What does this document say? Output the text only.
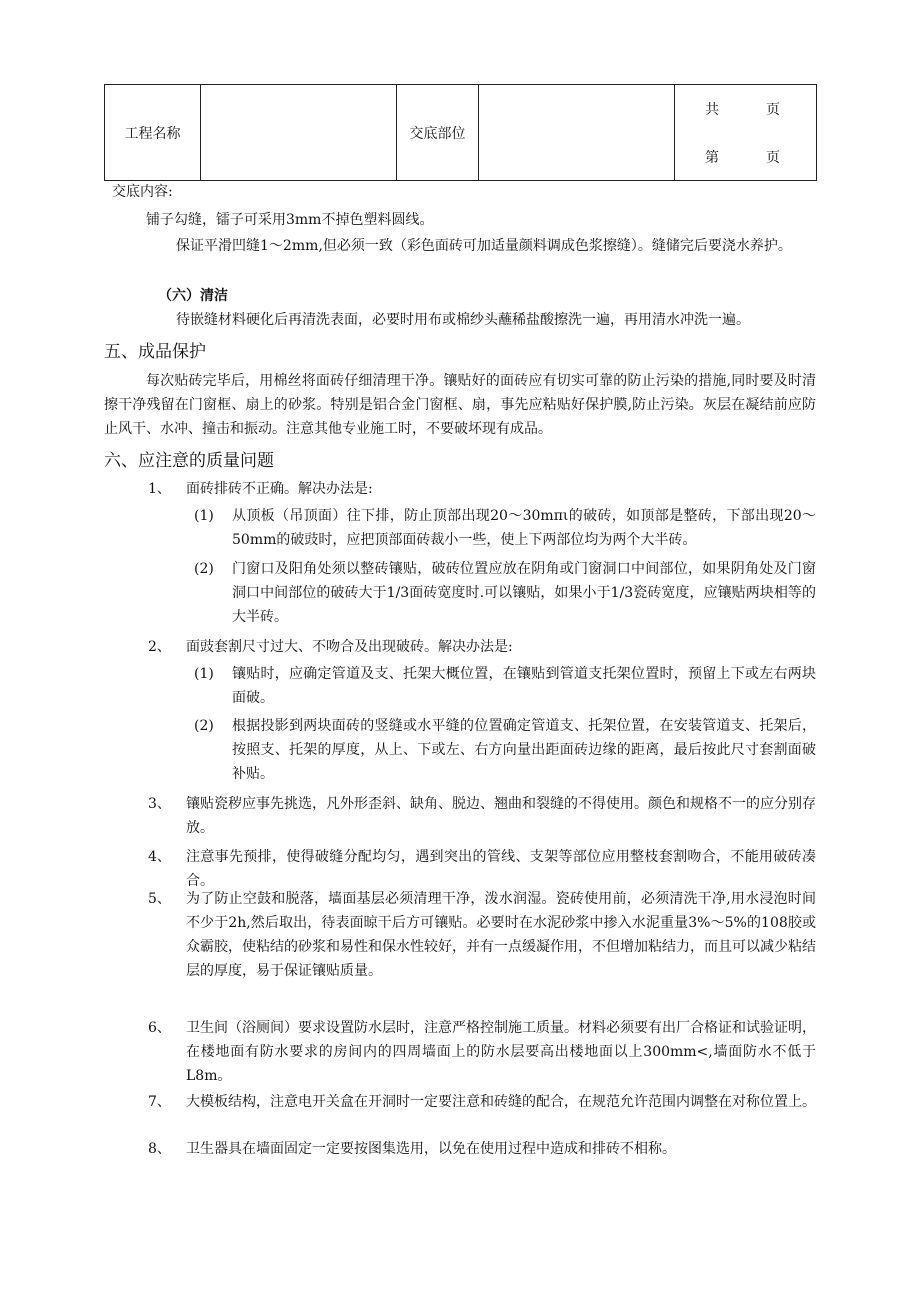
工程名称		交底部位		
共	页
第	页
交底内容:
铺子勾缝，镭子可采用3mm不掉色塑料圆线。
保证平滑凹缝1～2mm,但必须一致（彩色面砖可加适量颜料调成色浆擦缝）。缝储完后要浇水养护。
（六）清洁
待嵌缝材料硬化后再清洗表面，必要时用布或棉纱头蘸稀盐酸擦洗一遍，再用清水冲洗一遍。
五、成品保护
每次贴砖完毕后，用棉丝将面砖仔细清理干净。镶贴好的面砖应有切实可靠的防止污染的措施,同时要及时清擦干净残留在门窗框、扇上的砂浆。特别是铝合金门窗框、扇，事先应粘贴好保护膜,防止污染。灰层在凝结前应防止风干、水冲、撞击和振动。注意其他专业施工时，不要破坏现有成品。
六、应注意的质量问题
1、 面砖排砖不正确。解决办法是:
(1) 从顶板（吊顶面）往下排，防止顶部出现20～30mπι的破砖，如顶部是整砖，下部出现20～50mm的破豉时，应把顶部面砖裁小一些，使上下两部位均为两个大半砖。
(2) 门窗口及阳角处须以整砖镶贴，破砖位置应放在阴角或门窗洞口中间部位，如果阴角处及门窗洞口中间部位的破砖大于1/3面砖宽度时.可以镶贴，如果小于1/3瓷砖宽度，应镶贴两块相等的大半砖。
2、 面豉套割尺寸过大、不吻合及出现破砖。解决办法是:
(1) 镶贴时，应确定管道及支、托架大概位置，在镶贴到管道支托架位置时，预留上下或左右两块面破。
(2) 根据投影到两块面砖的竖缝或水平缝的位置确定管道支、托架位置，在安装管道支、托架后，按照支、托架的厚度，从上、下或左、右方向量出距面砖边缘的距离，最后按此尺寸套割面破补贴。
3、 镶贴瓷秽应事先挑选，凡外形歪斜、缺角、脱边、翘曲和裂缝的不得使用。颜色和规格不一的应分别存放。
4、 注意事先预排，使得破缝分配均匀，遇到突出的管线、支架等部位应用整枝套割吻合，不能用破砖凑合。
5、 为了防止空鼓和脱落，墙面基层必须清理干净，泼水润湿。瓷砖使用前，必须清洗干净,用水浸泡时间不少于2h,然后取出，待表面晾干后方可镶贴。必要时在水泥砂浆中掺入水泥重量3%～5%的108胶或众霸胶，使粘结的砂浆和易性和保水性较好，并有一点缓凝作用，不但增加粘结力，而且可以减少粘结层的厚度，易于保证镶贴质量。
6、 卫生间（浴厕间）要求设置防水层时，注意严格控制施工质量。材料必须要有出厂合格证和试验证明，在楼地面有防水要求的房间内的四周墙面上的防水层要高出楼地面以上300mm<,墙面防水不低于L8m。
7、 大模板结构，注意电开关盒在开洞时一定要注意和砖缝的配合，在规范允许范围内调整在对称位置上。
8、 卫生器具在墙面固定一定要按图集选用，以免在使用过程中造成和排砖不相称。
